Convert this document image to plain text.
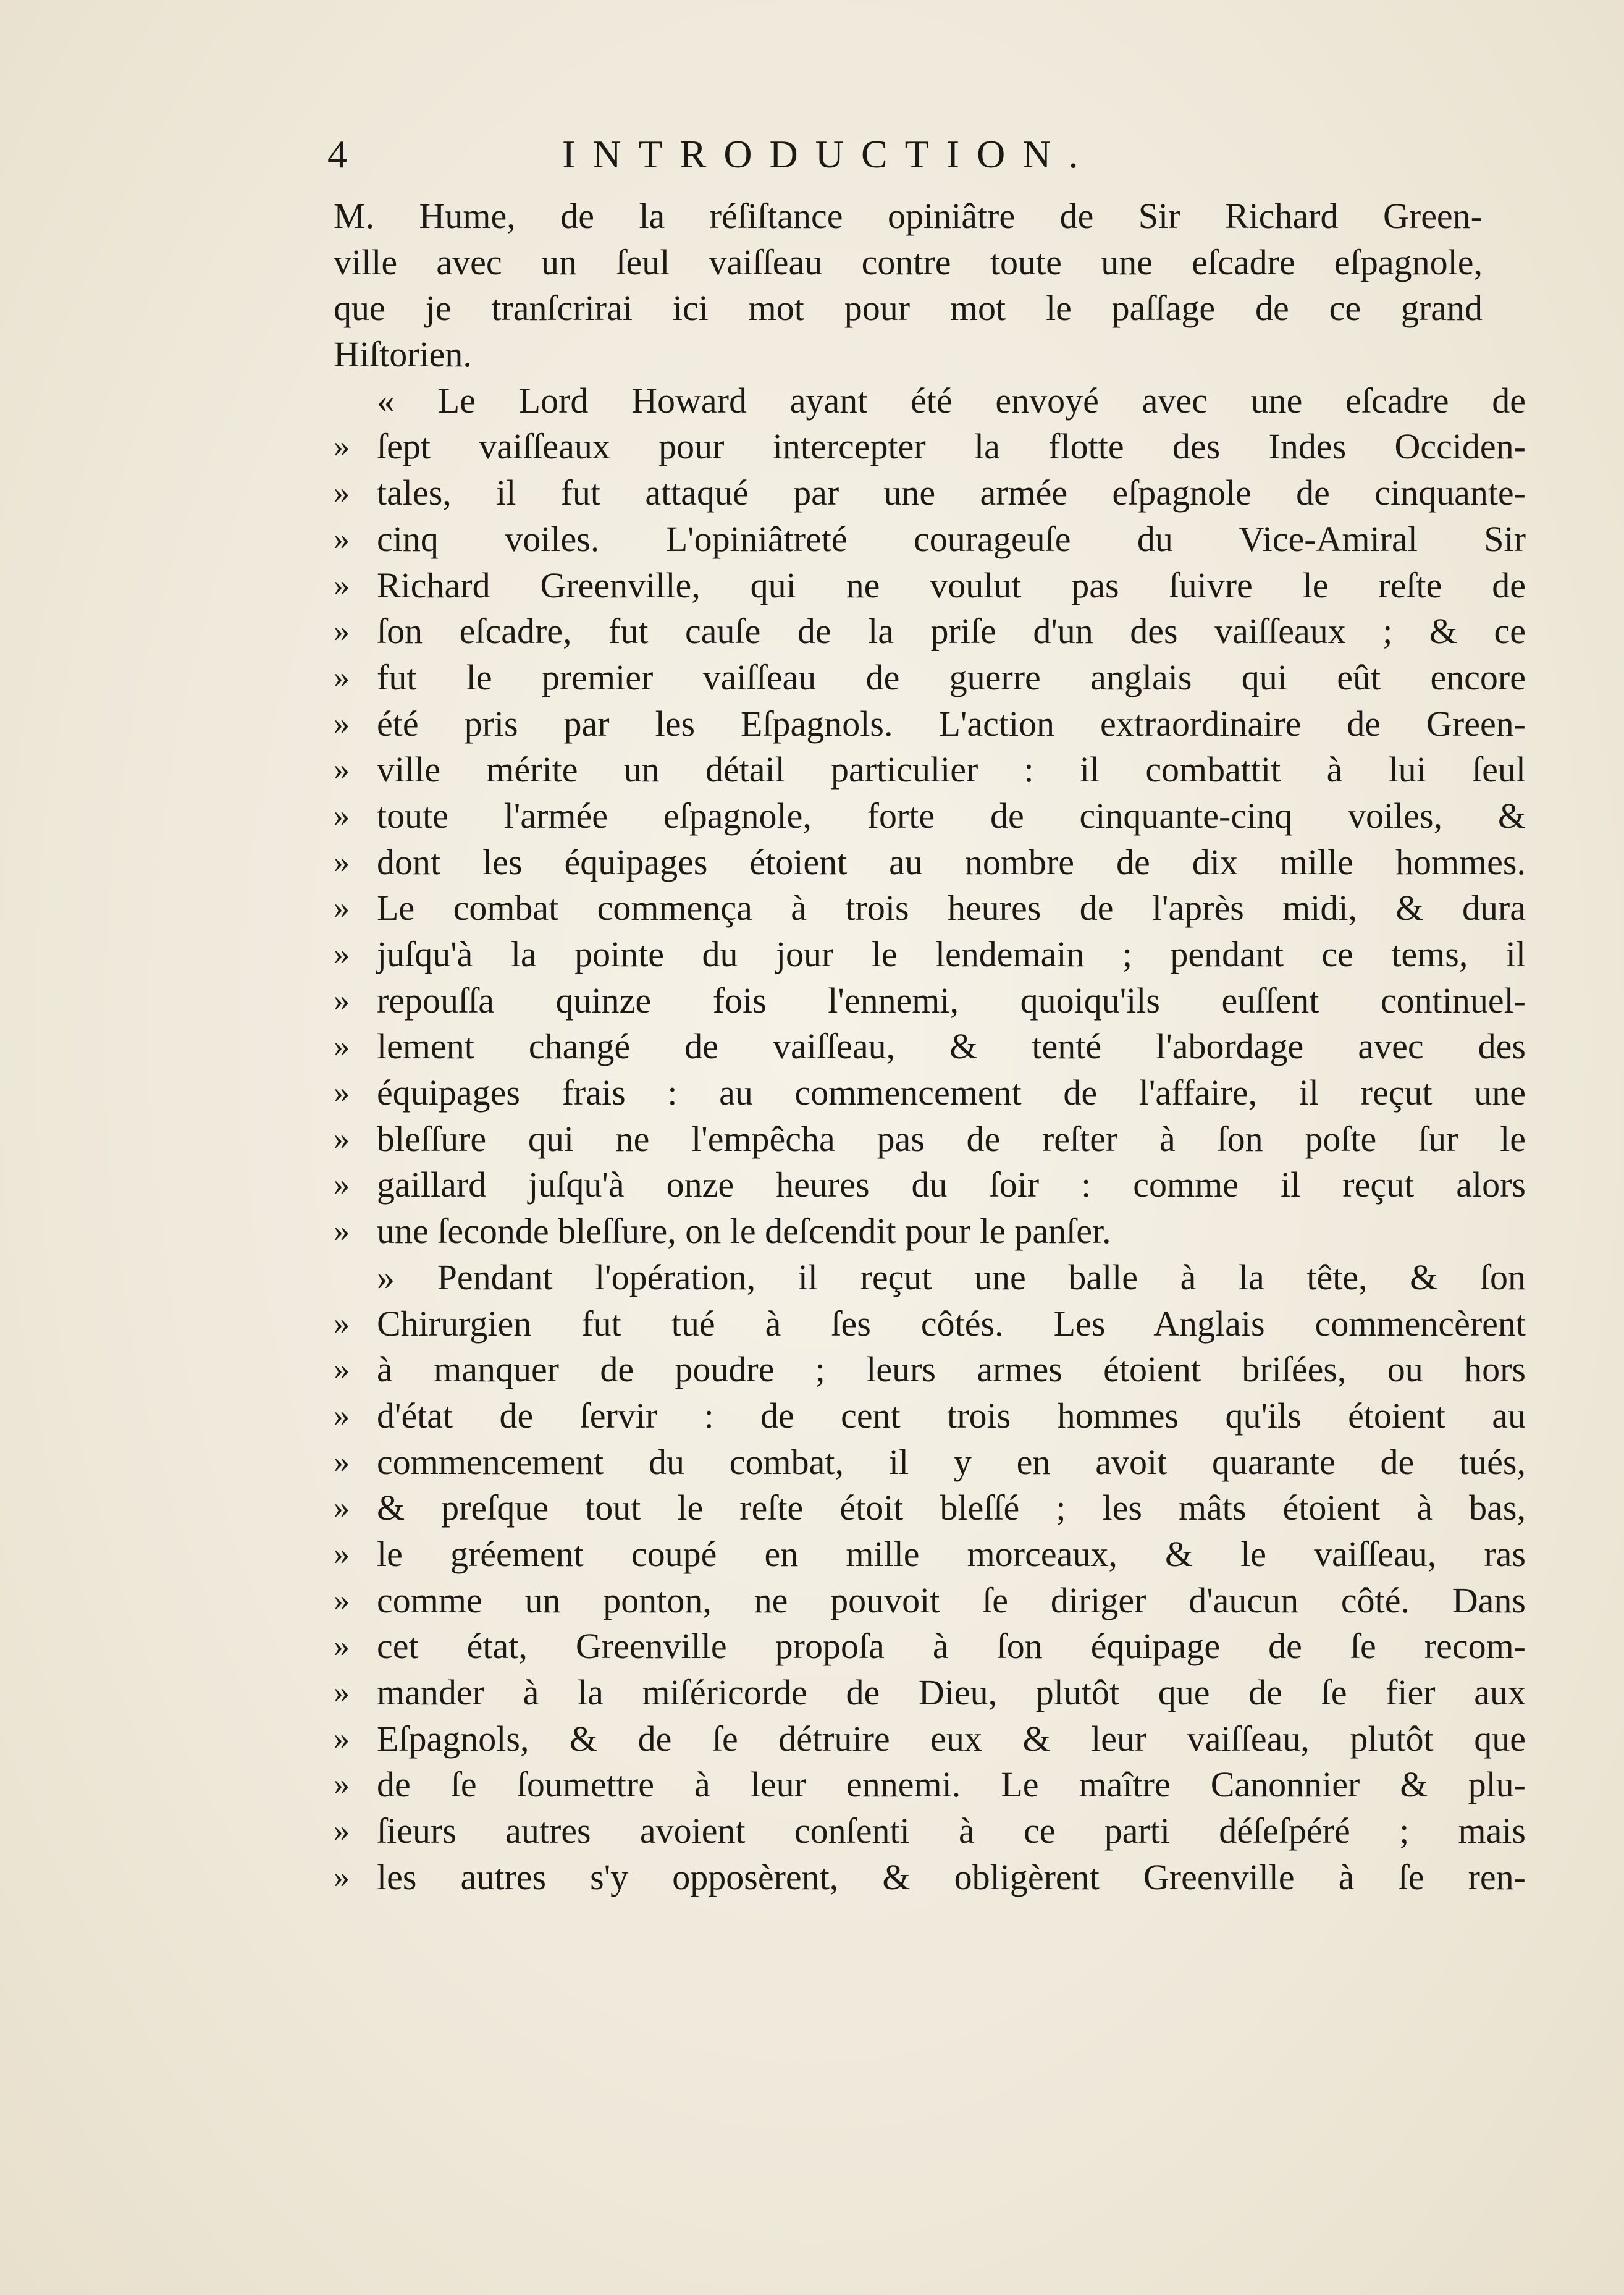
4	INTRODUCTION.
M. Hume, de la réſiſtance opiniâtre de Sir Richard Green-
ville avec un ſeul vaiſſeau contre toute une eſcadre eſpagnole,
que je tranſcrirai ici mot pour mot le paſſage de ce grand
Hiſtorien.
« Le Lord Howard ayant été envoyé avec une eſcadre de
» ſept vaiſſeaux pour intercepter la flotte des Indes Occiden-
» tales, il fut attaqué par une armée eſpagnole de cinquante-
» cinq voiles. L'opiniâtreté courageuſe du Vice-Amiral Sir
» Richard Greenville, qui ne voulut pas ſuivre le reſte de
» ſon eſcadre, fut cauſe de la priſe d'un des vaiſſeaux ; & ce
» fut le premier vaiſſeau de guerre anglais qui eût encore
» été pris par les Eſpagnols. L'action extraordinaire de Green-
» ville mérite un détail particulier : il combattit à lui ſeul
» toute l'armée eſpagnole, forte de cinquante-cinq voiles, &
» dont les équipages étoient au nombre de dix mille hommes.
» Le combat commença à trois heures de l'après midi, & dura
» juſqu'à la pointe du jour le lendemain ; pendant ce tems, il
» repouſſa quinze fois l'ennemi, quoiqu'ils euſſent continuel-
» lement changé de vaiſſeau, & tenté l'abordage avec des
» équipages frais : au commencement de l'affaire, il reçut une
» bleſſure qui ne l'empêcha pas de reſter à ſon poſte ſur le
» gaillard juſqu'à onze heures du ſoir : comme il reçut alors
» une ſeconde bleſſure, on le deſcendit pour le panſer.
» Pendant l'opération, il reçut une balle à la tête, & ſon
» Chirurgien fut tué à ſes côtés. Les Anglais commencèrent
» à manquer de poudre ; leurs armes étoient briſées, ou hors
» d'état de ſervir : de cent trois hommes qu'ils étoient au
» commencement du combat, il y en avoit quarante de tués,
» & preſque tout le reſte étoit bleſſé ; les mâts étoient à bas,
» le gréement coupé en mille morceaux, & le vaiſſeau, ras
» comme un ponton, ne pouvoit ſe diriger d'aucun côté. Dans
» cet état, Greenville propoſa à ſon équipage de ſe recom-
» mander à la miſéricorde de Dieu, plutôt que de ſe fier aux
» Eſpagnols, & de ſe détruire eux & leur vaiſſeau, plutôt que
» de ſe ſoumettre à leur ennemi. Le maître Canonnier & plu-
» ſieurs autres avoient conſenti à ce parti déſeſpéré ; mais
» les autres s'y opposèrent, & obligèrent Greenville à ſe ren-
